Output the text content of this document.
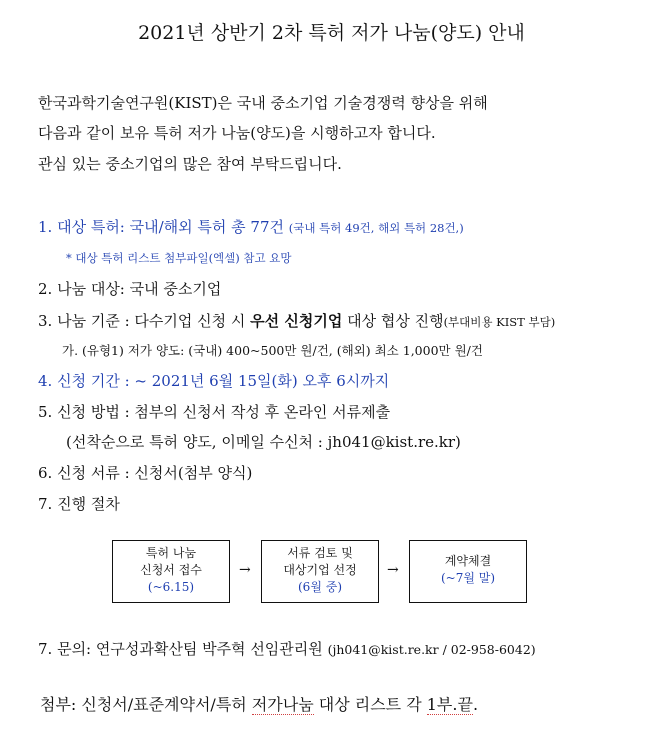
2021년 상반기 2차 특허 저가 나눔(양도) 안내
한국과학기술연구원(KIST)은 국내 중소기업 기술경쟁력 향상을 위해
다음과 같이 보유 특허 저가 나눔(양도)을 시행하고자 합니다.
관심 있는 중소기업의 많은 참여 부탁드립니다.
1. 대상 특허: 국내/해외 특허 총 77건 (국내 특허 49건, 해외 특허 28건,)
* 대상 특허 리스트 첨부파일(엑셀) 참고 요망
2. 나눔 대상: 국내 중소기업
3. 나눔 기준 : 다수기업 신청 시 우선 신청기업 대상 협상 진행(부대비용 KIST 부담)
가. (유형1) 저가 양도: (국내) 400~500만 원/건, (해외) 최소 1,000만 원/건
4. 신청 기간 : ~ 2021년 6월 15일(화) 오후 6시까지
5. 신청 방법 : 첨부의 신청서 작성 후 온라인 서류제출
(선착순으로 특허 양도, 이메일 수신처 : jh041@kist.re.kr)
6. 신청 서류 : 신청서(첨부 양식)
7. 진행 절차
특허 나눔
신청서 접수
(~6.15)
→
서류 검토 및
대상기업 선정
(6월 중)
→
계약체결
(~7월 말)
7. 문의: 연구성과확산팀 박주혁 선임관리원 (jh041@kist.re.kr / 02-958-6042)
첨부: 신청서/표준계약서/특허 저가나눔 대상 리스트 각 1부.끝.
